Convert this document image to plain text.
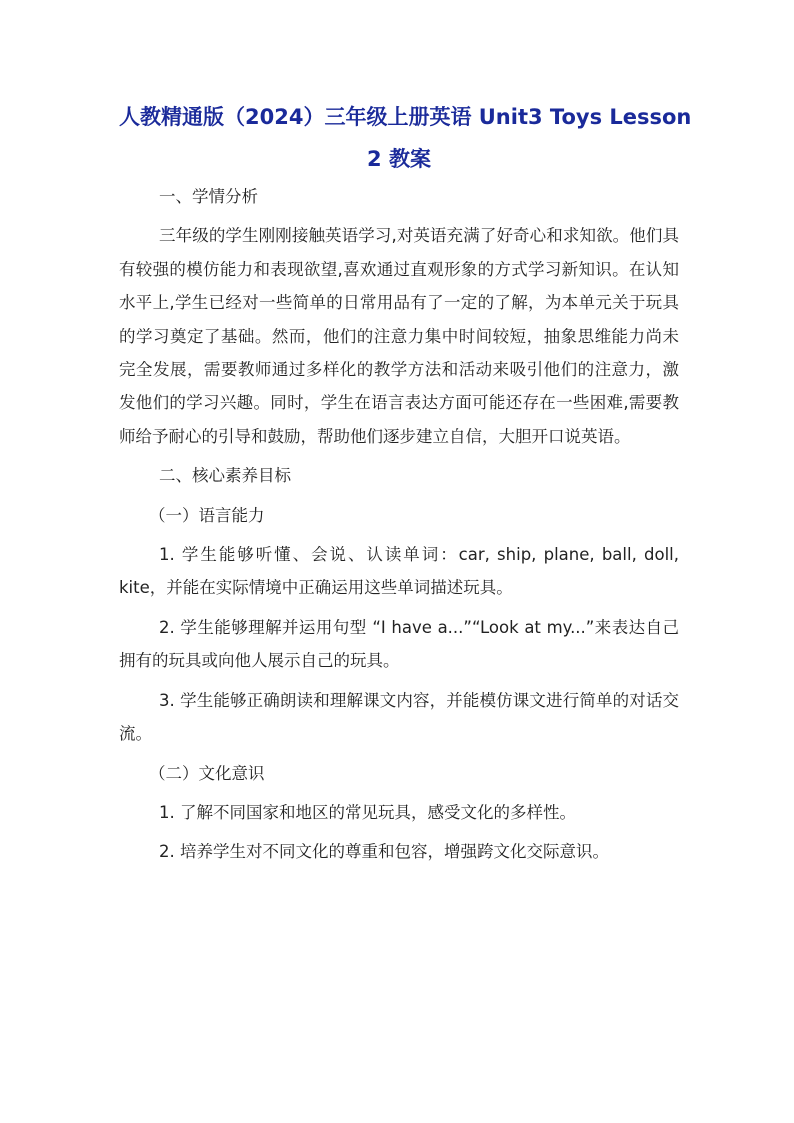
人教精通版（2024）三年级上册英语 Unit3 Toys Lesson
2 教案

一、学情分析

三年级的学生刚刚接触英语学习,对英语充满了好奇心和求知欲。他们具有较强的模仿能力和表现欲望,喜欢通过直观形象的方式学习新知识。在认知水平上,学生已经对一些简单的日常用品有了一定的了解，为本单元关于玩具的学习奠定了基础。然而，他们的注意力集中时间较短，抽象思维能力尚未完全发展，需要教师通过多样化的教学方法和活动来吸引他们的注意力，激发他们的学习兴趣。同时，学生在语言表达方面可能还存在一些困难,需要教师给予耐心的引导和鼓励，帮助他们逐步建立自信，大胆开口说英语。

二、核心素养目标

（一）语言能力

1. 学生能够听懂、会说、认读单词：car, ship, plane, ball, doll, kite，并能在实际情境中正确运用这些单词描述玩具。

2. 学生能够理解并运用句型 “I have a...”“Look at my...”来表达自己拥有的玩具或向他人展示自己的玩具。

3. 学生能够正确朗读和理解课文内容，并能模仿课文进行简单的对话交流。

（二）文化意识

1. 了解不同国家和地区的常见玩具，感受文化的多样性。

2. 培养学生对不同文化的尊重和包容，增强跨文化交际意识。
